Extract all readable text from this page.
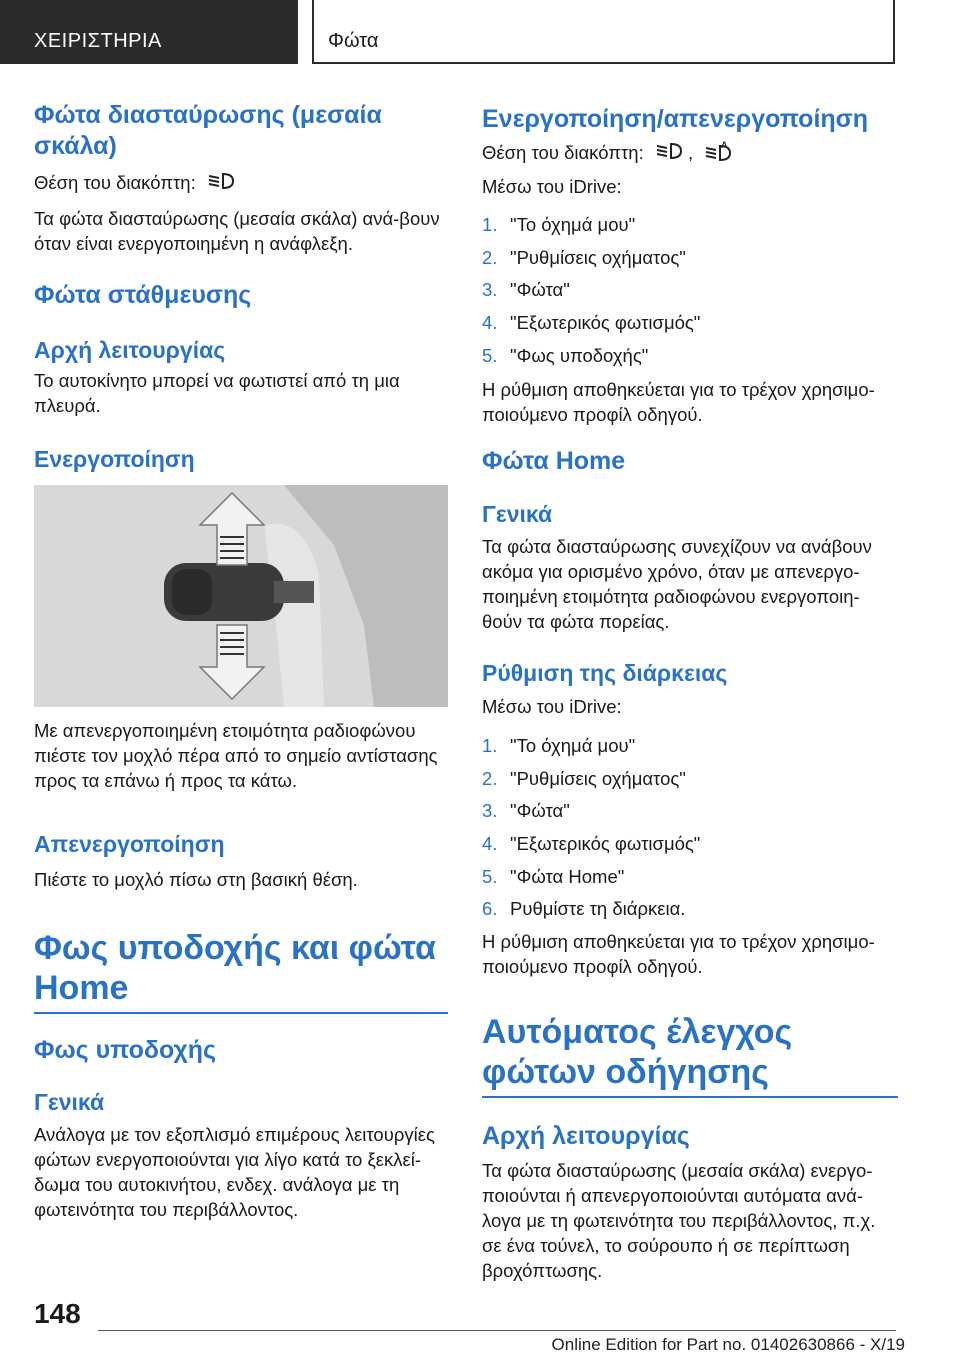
ΧΕΙΡΙΣΤΗΡΙΑ	Φώτα
Φώτα διασταύρωσης (μεσαία σκάλα)

Θέση του διακόπτη:

Τα φώτα διασταύρωσης (μεσαία σκάλα) ανά-βουν όταν είναι ενεργοποιημένη η ανάφλεξη.

Φώτα στάθμευσης
Αρχή λειτουργίας

Το αυτοκίνητο μπορεί να φωτιστεί από τη μια πλευρά.

Ενεργοποίηση

Με απενεργοποιημένη ετοιμότητα ραδιοφώνου πιέστε τον μοχλό πέρα από το σημείο αντίστασης προς τα επάνω ή προς τα κάτω.

Απενεργοποίηση

Πιέστε το μοχλό πίσω στη βασική θέση.

Φως υποδοχής και φώτα Home
Φως υποδοχής
Γενικά

Ανάλογα με τον εξοπλισμό επιμέρους λειτουργίες φώτων ενεργοποιούνται για λίγο κατά το ξεκλεί-δωμα του αυτοκινήτου, ενδεχ. ανάλογα με τη φωτεινότητα του περιβάλλοντος.

Ενεργοποίηση/απενεργοποίηση

Θέση του διακόπτη: ,	A

Μέσω του iDrive:

1. "Το όχημά μου"
2. "Ρυθμίσεις οχήματος"
3. "Φώτα"
4. "Εξωτερικός φωτισμός"
5. "Φως υποδοχής"

Η ρύθμιση αποθηκεύεται για το τρέχον χρησιμο-ποιούμενο προφίλ οδηγού.

Φώτα Home
Γενικά

Τα φώτα διασταύρωσης συνεχίζουν να ανάβουν ακόμα για ορισμένο χρόνο, όταν με απενεργο-ποιημένη ετοιμότητα ραδιοφώνου ενεργοποιη-θούν τα φώτα πορείας.

Ρύθμιση της διάρκειας

Μέσω του iDrive:

1. "Το όχημά μου"
2. "Ρυθμίσεις οχήματος"
3. "Φώτα"
4. "Εξωτερικός φωτισμός"
5. "Φώτα Home"
6. Ρυθμίστε τη διάρκεια.

Η ρύθμιση αποθηκεύεται για το τρέχον χρησιμο-ποιούμενο προφίλ οδηγού.

Αυτόματος έλεγχος φώτων οδήγησης
Αρχή λειτουργίας

Τα φώτα διασταύρωσης (μεσαία σκάλα) ενεργο-ποιούνται ή απενεργοποιούνται αυτόματα ανά-λογα με τη φωτεινότητα του περιβάλλοντος, π.χ. σε ένα τούνελ, το σούρουπο ή σε περίπτωση βροχόπτωσης.

148
Online Edition for Part no. 01402630866 - X/19
